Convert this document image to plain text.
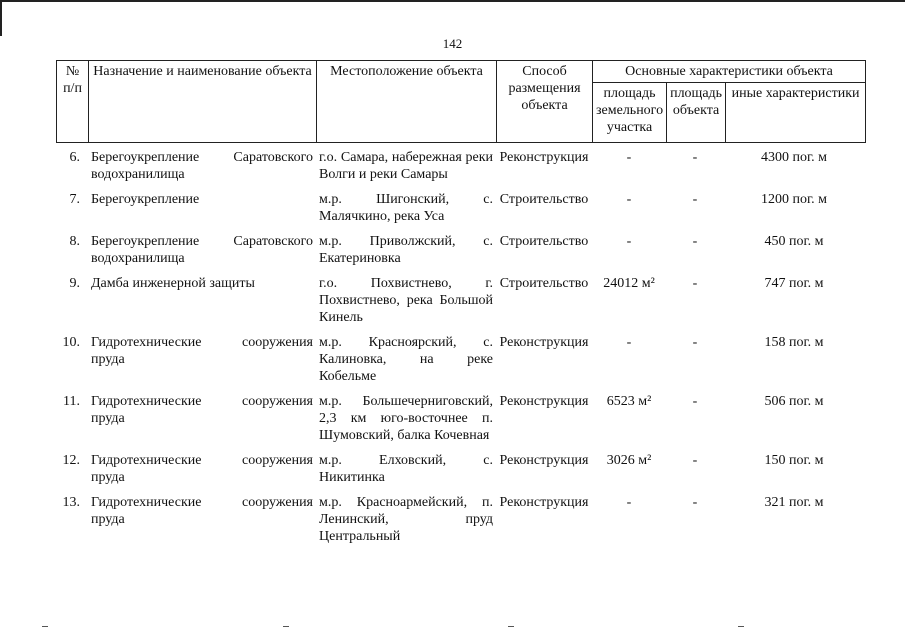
142
№ п/п	Назначение и наименование объекта	Местоположение объекта	Способ размещения объекта	Основные характеристики объекта		
				площадь земельного участка	площадь объекта	иные характеристики
6.	Берегоукрепление Саратовского водохранилища	г.о. Самара, набережная реки Волги и реки Самары	Реконструкция	-	-	4300 пог. м
7.	Берегоукрепление	м.р. Шигонский, с. Малячкино, река Уса	Строительство	-	-	1200 пог. м
8.	Берегоукрепление Саратовского водохранилища	м.р. Приволжский, с. Екатериновка	Строительство	-	-	450 пог. м
9.	Дамба инженерной защиты	г.о. Похвистнево, г. Похвистнево, река Большой Кинель	Строительство	24012 м²	-	747 пог. м
10.	Гидротехнические сооружения пруда	м.р. Красноярский, с. Калиновка, на реке Кобельме	Реконструкция	-	-	158 пог. м
11.	Гидротехнические сооружения пруда	м.р. Большечерниговский, 2,3 км юго-восточнее п. Шумовский, балка Кочевная	Реконструкция	6523 м²	-	506 пог. м
12.	Гидротехнические сооружения пруда	м.р. Елховский, с. Никитинка	Реконструкция	3026 м²	-	150 пог. м
13.	Гидротехнические сооружения пруда	м.р. Красноармейский, п. Ленинский, пруд Центральный	Реконструкция	-	-	321 пог. м
